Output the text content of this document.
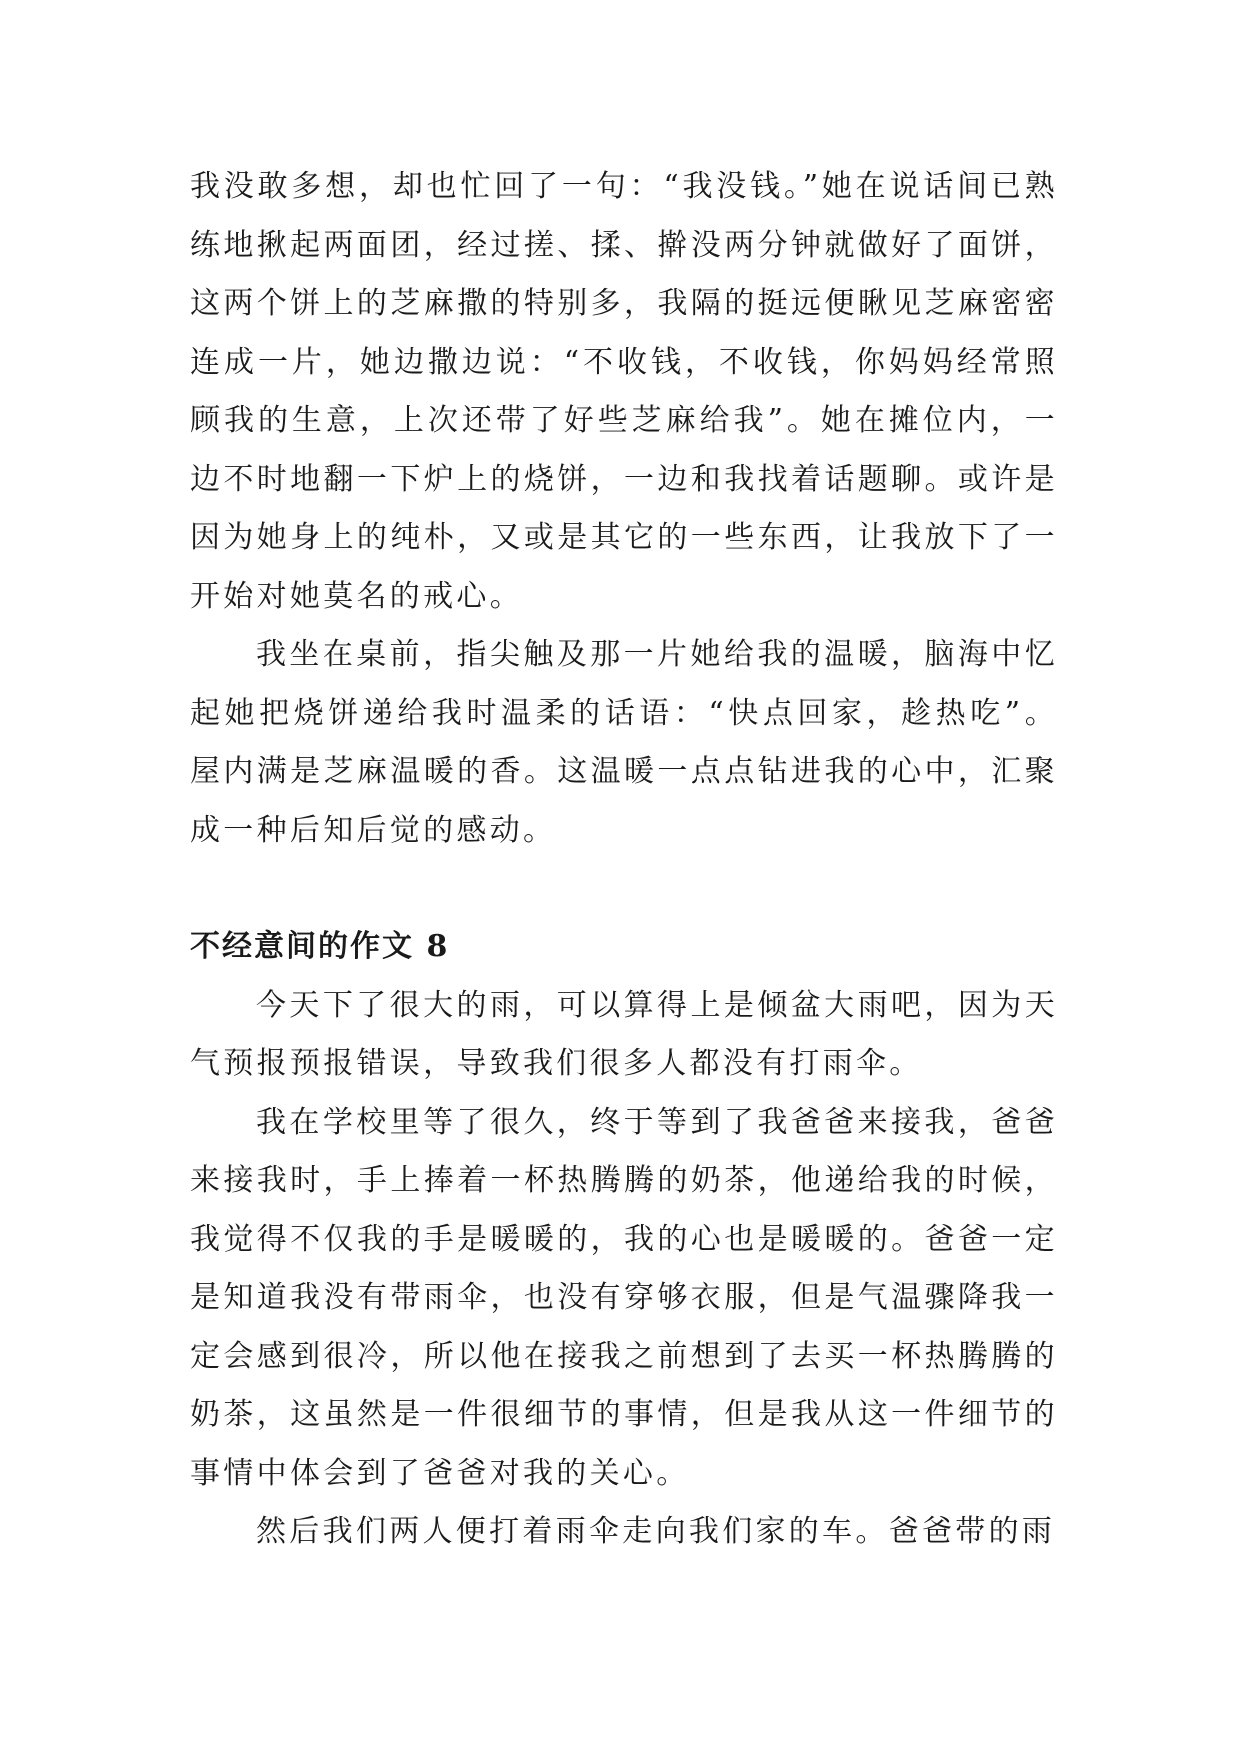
我没敢多想，却也忙回了一句：“我没钱。”她在说话间已熟练地揪起两面团，经过搓、揉、擀没两分钟就做好了面饼，这两个饼上的芝麻撒的特别多，我隔的挺远便瞅见芝麻密密连成一片，她边撒边说：“不收钱，不收钱，你妈妈经常照顾我的生意，上次还带了好些芝麻给我”。她在摊位内，一边不时地翻一下炉上的烧饼，一边和我找着话题聊。或许是因为她身上的纯朴，又或是其它的一些东西，让我放下了一开始对她莫名的戒心。

我坐在桌前，指尖触及那一片她给我的温暖，脑海中忆起她把烧饼递给我时温柔的话语：“快点回家，趁热吃”。屋内满是芝麻温暖的香。这温暖一点点钻进我的心中，汇聚成一种后知后觉的感动。

不经意间的作文 8

今天下了很大的雨，可以算得上是倾盆大雨吧，因为天气预报预报错误，导致我们很多人都没有打雨伞。

我在学校里等了很久，终于等到了我爸爸来接我，爸爸来接我时，手上捧着一杯热腾腾的奶茶，他递给我的时候，我觉得不仅我的手是暖暖的，我的心也是暖暖的。爸爸一定是知道我没有带雨伞，也没有穿够衣服，但是气温骤降我一定会感到很冷，所以他在接我之前想到了去买一杯热腾腾的奶茶，这虽然是一件很细节的事情，但是我从这一件细节的事情中体会到了爸爸对我的关心。

然后我们两人便打着雨伞走向我们家的车。爸爸带的雨
